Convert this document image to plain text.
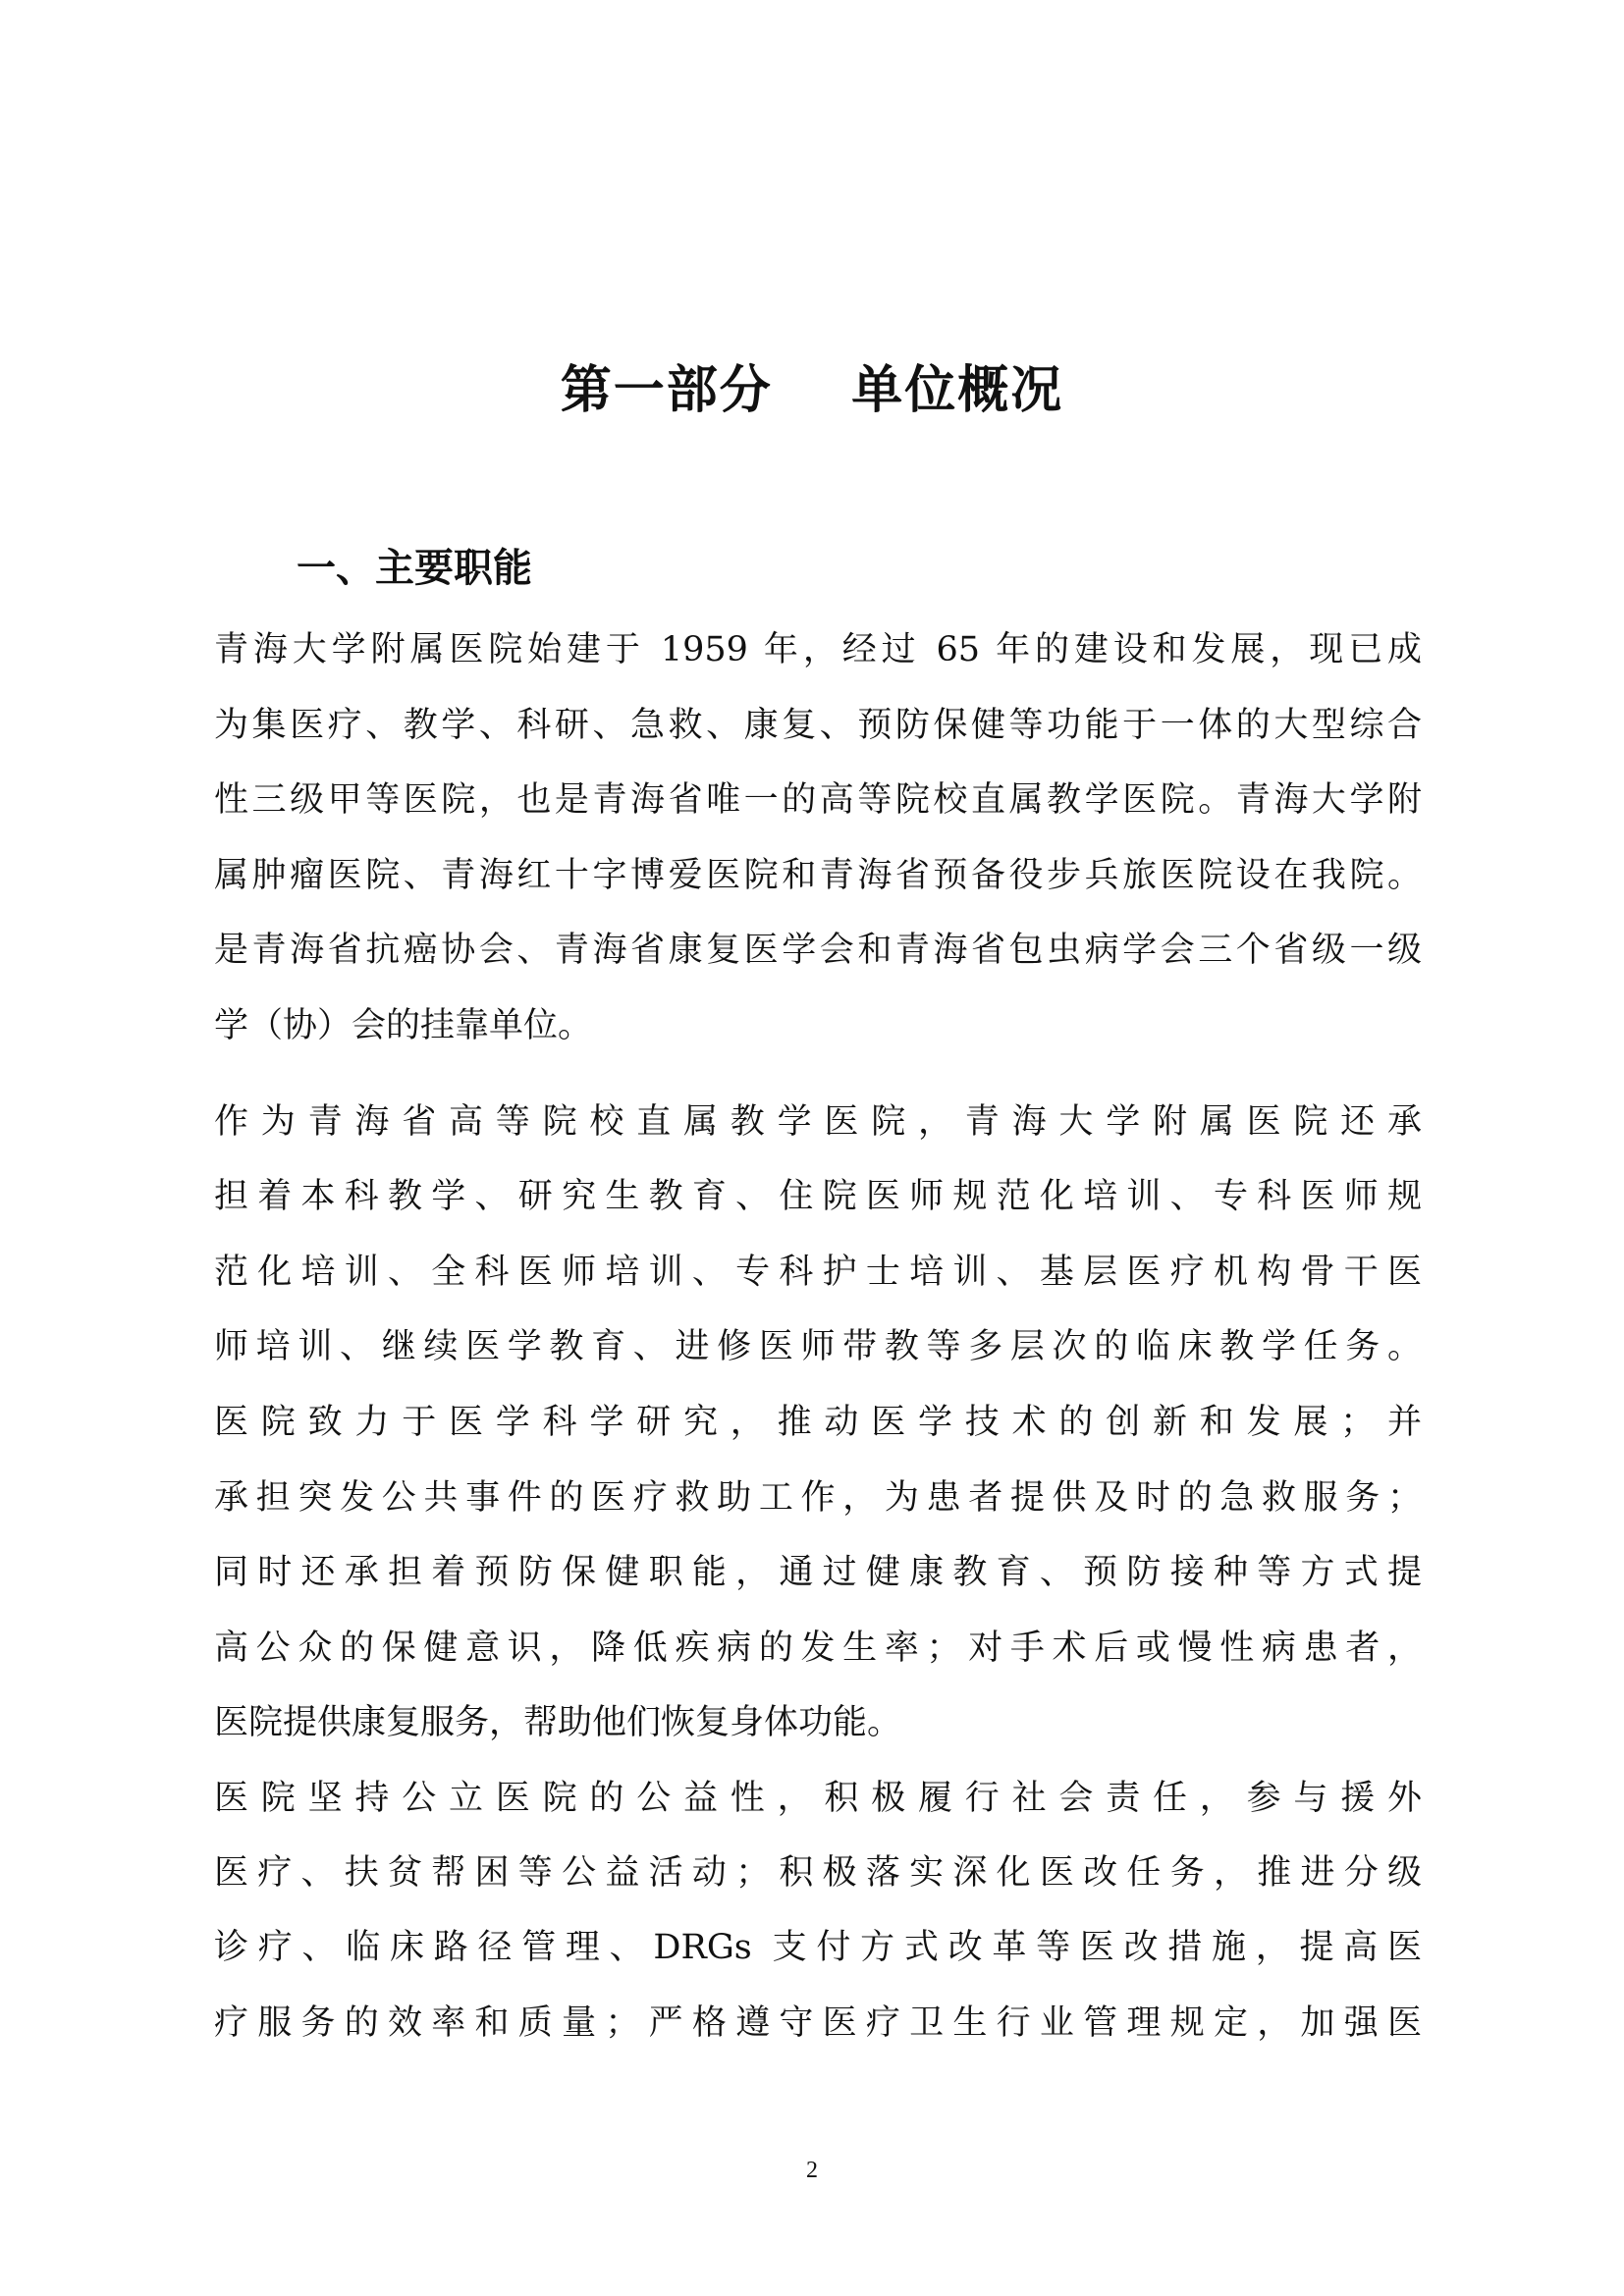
第一部分    单位概况
一、主要职能
青海大学附属医院始建于 1959 年，经过 65 年的建设和发展，现已成
为集医疗、教学、科研、急救、康复、预防保健等功能于一体的大型综合
性三级甲等医院，也是青海省唯一的高等院校直属教学医院。青海大学附
属肿瘤医院、青海红十字博爱医院和青海省预备役步兵旅医院设在我院。
是青海省抗癌协会、青海省康复医学会和青海省包虫病学会三个省级一级
学（协）会的挂靠单位。
作为青海省高等院校直属教学医院，青海大学附属医院还承
担着本科教学、研究生教育、住院医师规范化培训、专科医师规
范化培训、全科医师培训、专科护士培训、基层医疗机构骨干医
师培训、继续医学教育、进修医师带教等多层次的临床教学任务。
医院致力于医学科学研究，推动医学技术的创新和发展；并
承担突发公共事件的医疗救助工作，为患者提供及时的急救服务；
同时还承担着预防保健职能，通过健康教育、预防接种等方式提
高公众的保健意识，降低疾病的发生率；对手术后或慢性病患者，
医院提供康复服务，帮助他们恢复身体功能。
医院坚持公立医院的公益性，积极履行社会责任，参与援外
医疗、扶贫帮困等公益活动；积极落实深化医改任务，推进分级
诊疗、临床路径管理、DRGs 支付方式改革等医改措施，提高医
疗服务的效率和质量；严格遵守医疗卫生行业管理规定，加强医
2
